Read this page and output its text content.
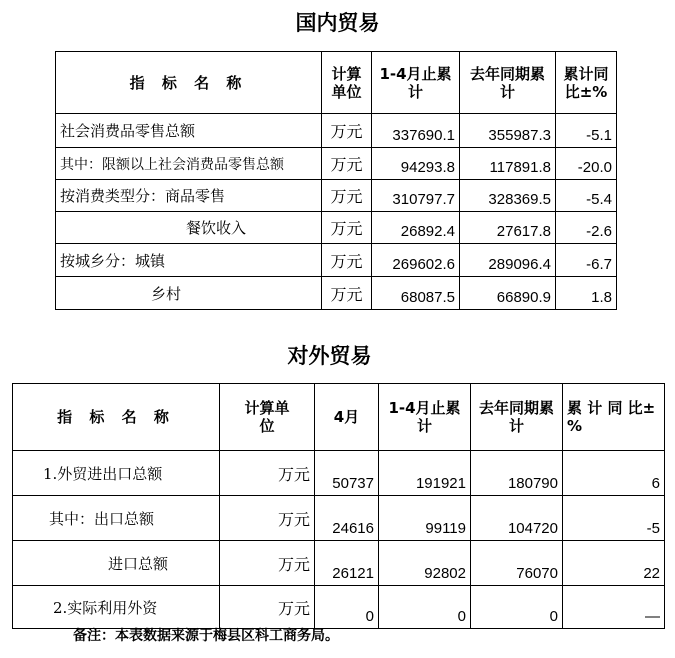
国内贸易
指 标 名 称	计算单位	1-4月止累计	去年同期累计	累计同比±%
社会消费品零售总额	万元	337690.1	355987.3	-5.1
其中：限额以上社会消费品零售总额	万元	94293.8	117891.8	-20.0
按消费类型分：商品零售	万元	310797.7	328369.5	-5.4
餐饮收入	万元	26892.4	27617.8	-2.6
按城乡分：城镇	万元	269602.6	289096.4	-6.7
乡村	万元	68087.5	66890.9	1.8
对外贸易
指 标 名 称	计算单位	4月	1-4月止累计	去年同期累计	累 计 同 比±%
1.外贸进出口总额	万元	50737	191921	180790	6
其中：出口总额	万元	24616	99119	104720	-5
进口总额	万元	26121	92802	76070	22
2.实际利用外资	万元	0	0	0	—
备注：本表数据来源于梅县区科工商务局。
